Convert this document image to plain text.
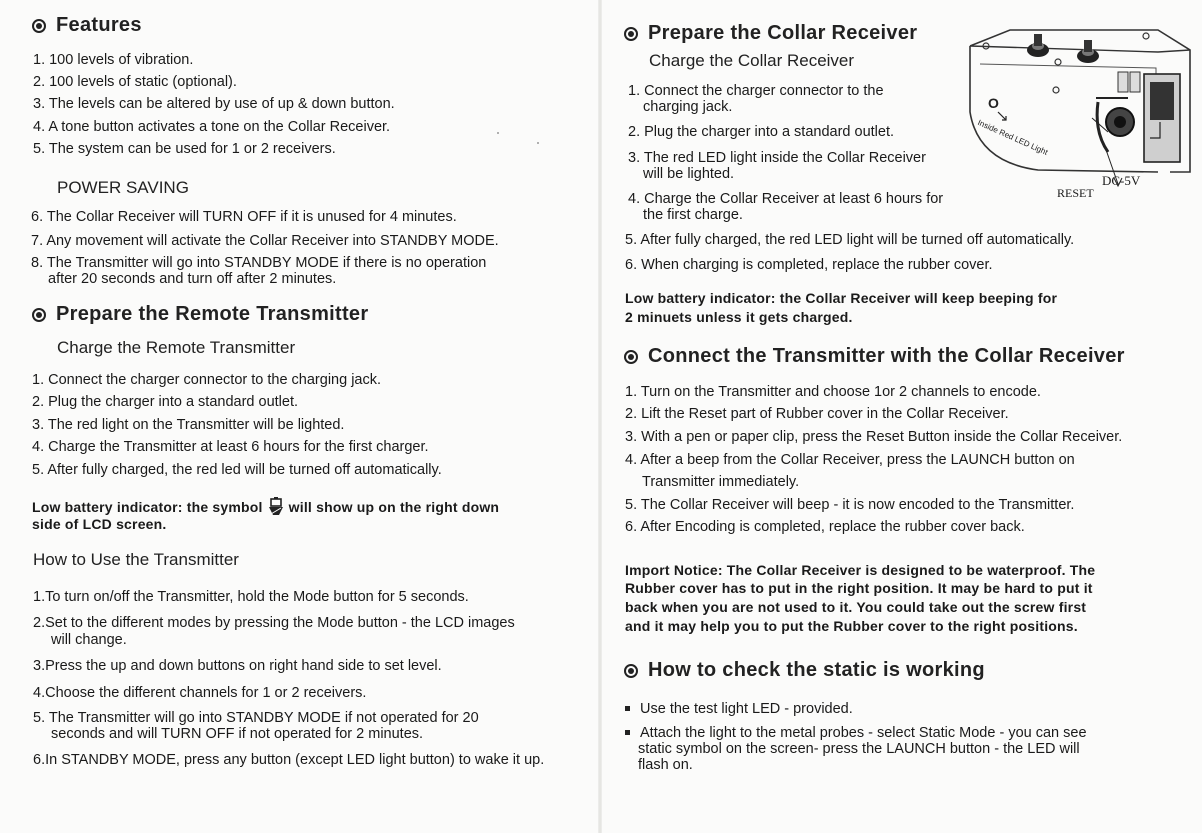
Features
1. 100 levels of vibration.
2. 100 levels of static (optional).
3. The levels can be altered by use of up & down button.
4. A tone button activates a tone on the Collar Receiver.
5. The system can be used for 1 or 2 receivers.
POWER SAVING
6. The Collar Receiver will TURN OFF if it is unused for 4 minutes.
7. Any movement will activate the Collar Receiver into STANDBY MODE.
8. The Transmitter will go into STANDBY MODE if there is no operation
after 20 seconds and turn off after 2 minutes.
Prepare the Remote Transmitter
Charge the Remote Transmitter
1. Connect the charger connector to the charging jack.
2. Plug the charger into a standard outlet.
3. The red light on the Transmitter will be lighted.
4. Charge the Transmitter at least 6 hours for the first charger.
5. After fully charged, the red led will be turned off automatically.
Low battery indicator: the symbol will show up on the right down
side of LCD screen.
How to Use the Transmitter
1.To turn on/off the Transmitter, hold the Mode button for 5 seconds.
2.Set to the different modes by pressing the Mode button - the LCD images
will change.
3.Press the up and down buttons on right hand side to set level.
4.Choose the different channels for 1 or 2 receivers.
5. The Transmitter will go into STANDBY MODE if not operated for 20
seconds and will TURN OFF if not operated for 2 minutes.
6.In STANDBY MODE, press any button (except LED light button) to wake it up.
Prepare the Collar Receiver
Charge the Collar Receiver
1. Connect the charger connector to the
charging jack.
2. Plug the charger into a standard outlet.
3. The red LED light inside the Collar Receiver
will be lighted.
4. Charge the Collar Receiver at least 6 hours for
the first charge.
5. After fully charged, the red LED light will be turned off automatically.
6. When charging is completed, replace the rubber cover.
Low battery indicator: the Collar Receiver will keep beeping for
2 minuets unless it gets charged.
Connect the Transmitter with the Collar Receiver
1. Turn on the Transmitter and choose 1or 2 channels to encode.
2. Lift the Reset part of Rubber cover in the Collar Receiver.
3. With a pen or paper clip, press the Reset Button inside the Collar Receiver.
4. After a beep from the Collar Receiver, press the LAUNCH button on
Transmitter immediately.
5. The Collar Receiver will beep - it is now encoded to the Transmitter.
6. After Encoding is completed, replace the rubber cover back.
Import Notice: The Collar Receiver is designed to be waterproof. The
Rubber cover has to put in the right position. It may be hard to put it
back when you are not used to it. You could take out the screw first
and it may help you to put the Rubber cover to the right positions.
How to check the static is working
Use the test light LED - provided.
Attach the light to the metal probes - select Static Mode - you can see
static symbol on the screen- press the LAUNCH button - the LED will
flash on.
O
Inside Red LED Light
DC-5V
RESET
